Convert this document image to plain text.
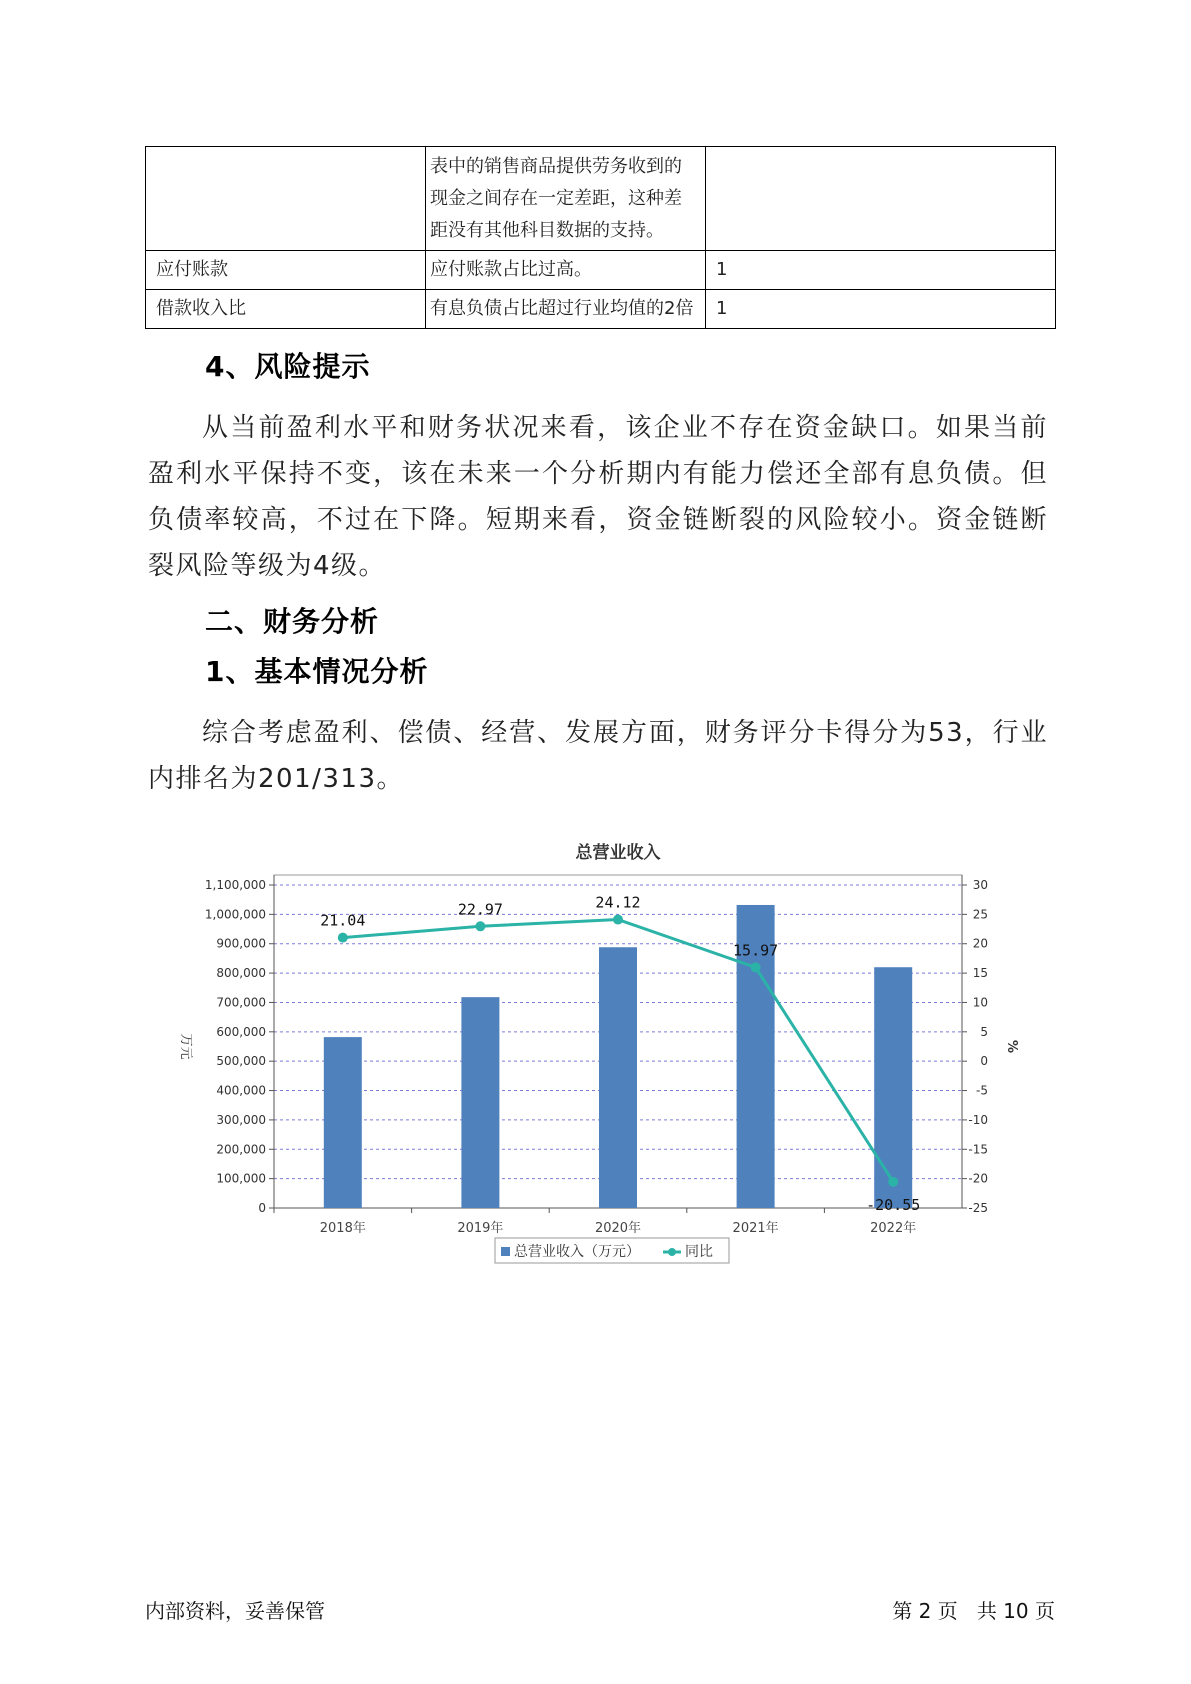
	表中的销售商品提供劳务收到的现金之间存在一定差距，这种差距没有其他科目数据的支持。	
应付账款	应付账款占比过高。	1
借款收入比	有息负债占比超过行业均值的2倍	1
4、风险提示

从当前盈利水平和财务状况来看，该企业不存在资金缺口。如果当前盈利水平保持不变，该在未来一个分析期内有能力偿还全部有息负债。但负债率较高，不过在下降。短期来看，资金链断裂的风险较小。资金链断裂风险等级为4级。

二、财务分析
1、基本情况分析

综合考虑盈利、偿债、经营、发展方面，财务评分卡得分为53，行业内排名为201/313。

总营业收入
0
100,000
200,000
300,000
400,000
500,000
600,000
700,000
800,000
900,000
1,000,000
1,100,000
-25
-20
-15
-10
-5
0
5
10
15
20
25
30
万元	%
2018年	2019年	2020年	2021年	2022年
21.04
22.97	24.12
15.97
-20.55
总营业收入（万元）	同比
内部资料，妥善保管	第 2 页   共 10 页
